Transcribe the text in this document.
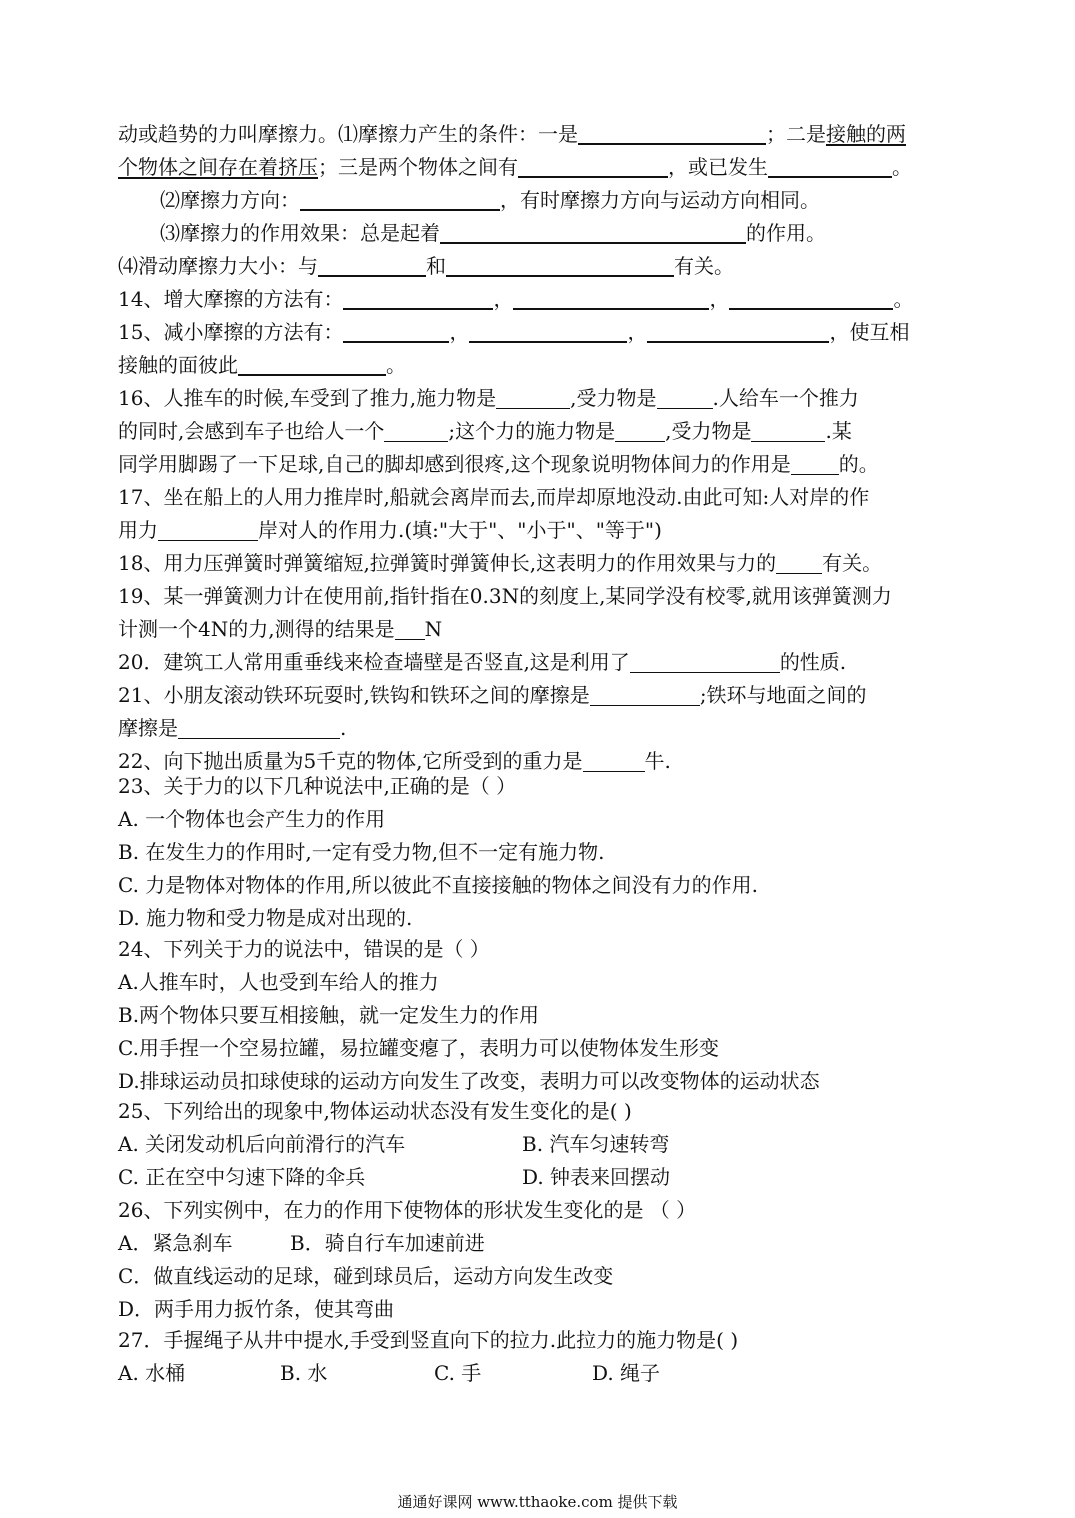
动或趋势的力叫摩擦力。⑴摩擦力产生的条件：一是	；二是接触的两
个物体之间存在着挤压；三是两个物体之间有	，或已发生	。
⑵摩擦力方向：	，有时摩擦力方向与运动方向相同。
⑶摩擦力的作用效果：总是起着	的作用。
⑷滑动摩擦力大小：与	和	有关。
14、增大摩擦的方法有：	，	，	。
15、减小摩擦的方法有：	，	，	，使互相
接触的面彼此	。
16、人推车的时候,车受到了推力,施力物是	,受力物是	.人给车一个推力
的同时,会感到车子也给人一个	;这个力的施力物是	,受力物是	.某
同学用脚踢了一下足球,自己的脚却感到很疼,这个现象说明物体间力的作用是 的。
17、坐在船上的人用力推岸时,船就会离岸而去,而岸却原地没动.由此可知:人对岸的作
用力	岸对人的作用力.(填:"大于"、"小于"、"等于")
18、用力压弹簧时弹簧缩短,拉弹簧时弹簧伸长,这表明力的作用效果与力的 有关。
19、某一弹簧测力计在使用前,指针指在0.3N的刻度上,某同学没有校零,就用该弹簧测力
计测一个4N的力,测得的结果是 N
20．建筑工人常用重垂线来检查墙壁是否竖直,这是利用了	的性质.
21、小朋友滚动铁环玩耍时,铁钩和铁环之间的摩擦是	;铁环与地面之间的
摩擦是	.
22、向下抛出质量为5千克的物体,它所受到的重力是	牛.
23、关于力的以下几种说法中,正确的是（ ）
A. 一个物体也会产生力的作用
B. 在发生力的作用时,一定有受力物,但不一定有施力物.
C. 力是物体对物体的作用,所以彼此不直接接触的物体之间没有力的作用.
D. 施力物和受力物是成对出现的.
24、下列关于力的说法中，错误的是（ ）
A.人推车时，人也受到车给人的推力
B.两个物体只要互相接触，就一定发生力的作用
C.用手捏一个空易拉罐，易拉罐变瘪了，表明力可以使物体发生形变
D.排球运动员扣球使球的运动方向发生了改变，表明力可以改变物体的运动状态
25、下列给出的现象中,物体运动状态没有发生变化的是( )
A. 关闭发动机后向前滑行的汽车	B. 汽车匀速转弯
C. 正在空中匀速下降的伞兵	D. 钟表来回摆动
26、下列实例中，在力的作用下使物体的形状发生变化的是 （ ）
A．紧急刹车	B．骑自行车加速前进
C．做直线运动的足球，碰到球员后，运动方向发生改变
D．两手用力扳竹条，使其弯曲
27．手握绳子从井中提水,手受到竖直向下的拉力.此拉力的施力物是( )
A. 水桶	B. 水	C. 手	D. 绳子
通通好课网 www.tthaoke.com 提供下载
